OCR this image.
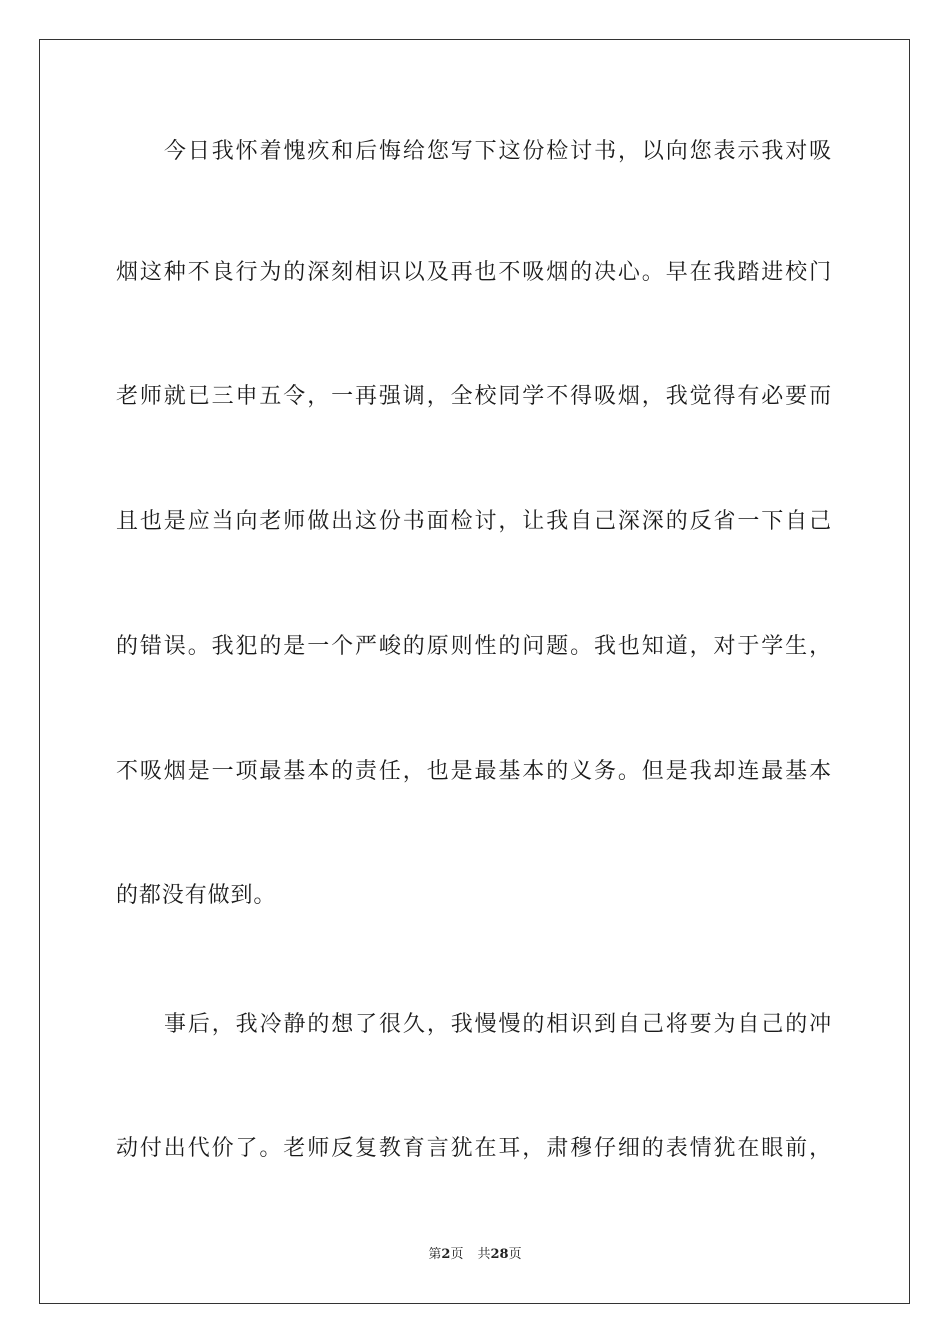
今日我怀着愧疚和后悔给您写下这份检讨书，以向您表示我对吸
烟这种不良行为的深刻相识以及再也不吸烟的决心。早在我踏进校门
老师就已三申五令，一再强调，全校同学不得吸烟，我觉得有必要而
且也是应当向老师做出这份书面检讨，让我自己深深的反省一下自己
的错误。我犯的是一个严峻的原则性的问题。我也知道，对于学生，
不吸烟是一项最基本的责任，也是最基本的义务。但是我却连最基本
的都没有做到。
事后，我冷静的想了很久，我慢慢的相识到自己将要为自己的冲
动付出代价了。老师反复教育言犹在耳，肃穆仔细的表情犹在眼前，
第2页 共28页
